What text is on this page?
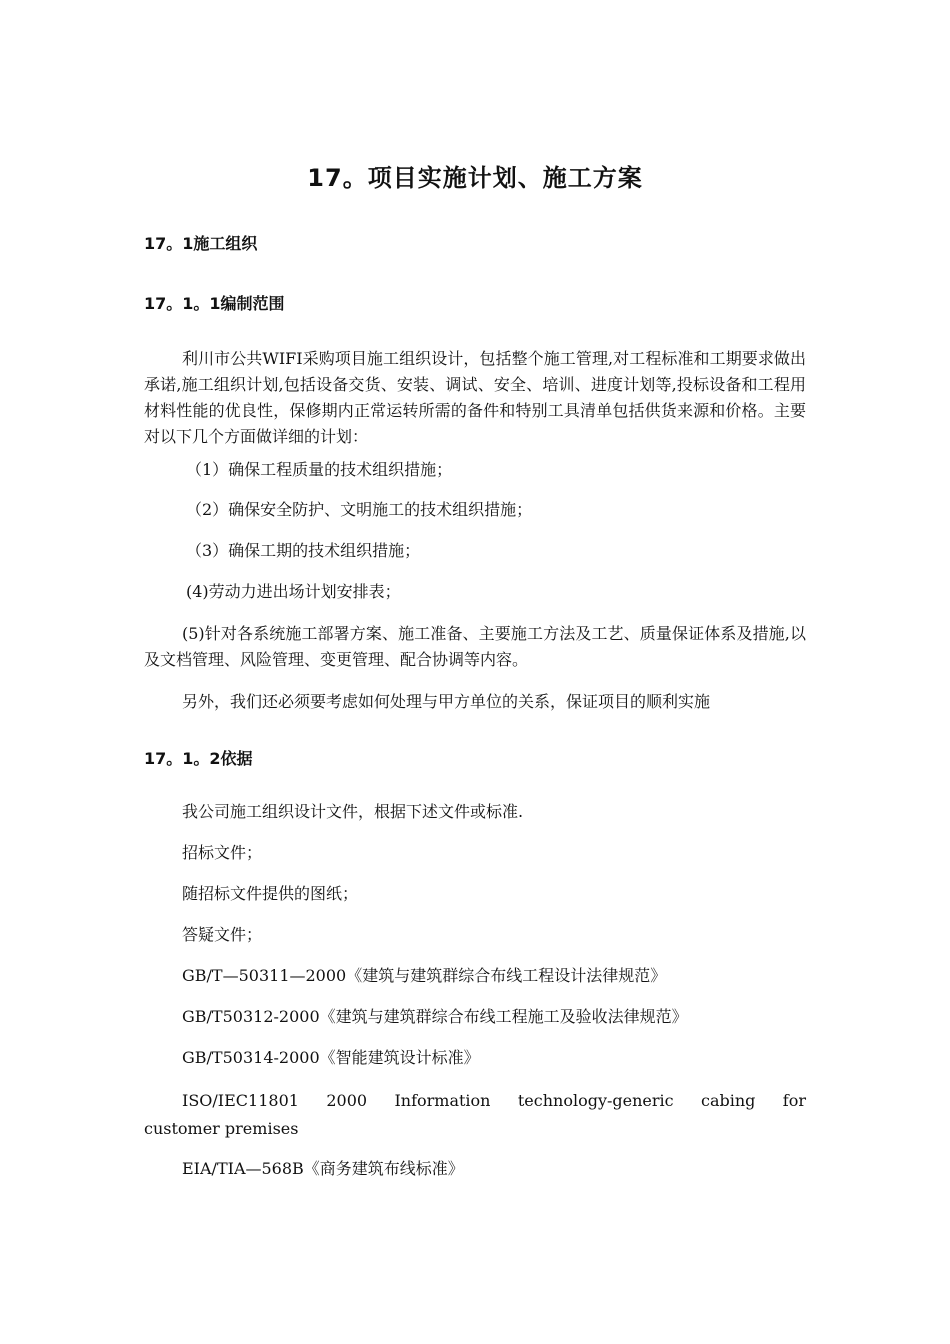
17。项目实施计划、施工方案
17。1施工组织
17。1。1编制范围
利川市公共WIFI采购项目施工组织设计，包括整个施工管理,对工程标准和工期要求做出承诺,施工组织计划,包括设备交货、安装、调试、安全、培训、进度计划等,投标设备和工程用材料性能的优良性，保修期内正常运转所需的备件和特别工具清单包括供货来源和价格。主要对以下几个方面做详细的计划：
（1）确保工程质量的技术组织措施；
（2）确保安全防护、文明施工的技术组织措施；
（3）确保工期的技术组织措施；
(4)劳动力进出场计划安排表；
(5)针对各系统施工部署方案、施工准备、主要施工方法及工艺、质量保证体系及措施,以及文档管理、风险管理、变更管理、配合协调等内容。
另外，我们还必须要考虑如何处理与甲方单位的关系，保证项目的顺利实施
17。1。2依据
我公司施工组织设计文件，根据下述文件或标准.
招标文件；
随招标文件提供的图纸；
答疑文件；
GB/T—50311—2000《建筑与建筑群综合布线工程设计法律规范》
GB/T50312-2000《建筑与建筑群综合布线工程施工及验收法律规范》
GB/T50314-2000《智能建筑设计标准》
ISO/IEC11801 2000 Information technology-generic cabing for
customer premises
EIA/TIA—568B《商务建筑布线标准》
